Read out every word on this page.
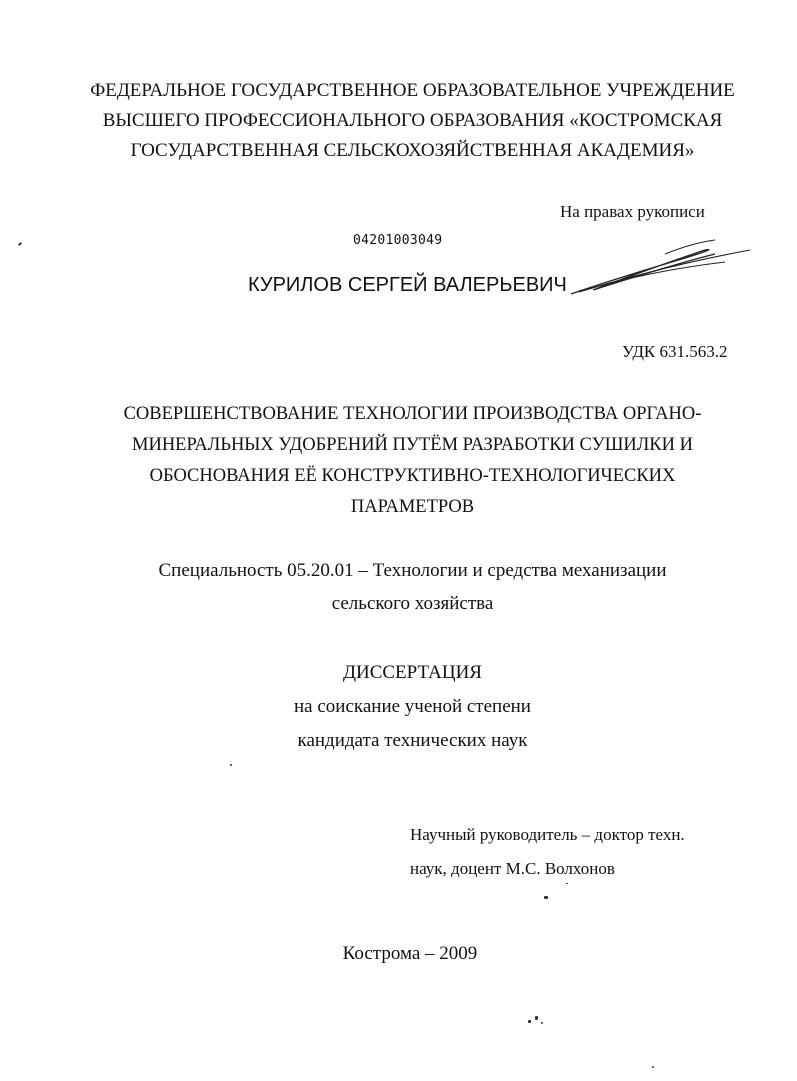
ФЕДЕРАЛЬНОЕ ГОСУДАРСТВЕННОЕ ОБРАЗОВАТЕЛЬНОЕ УЧРЕЖДЕНИЕ
ВЫСШЕГО ПРОФЕССИОНАЛЬНОГО ОБРАЗОВАНИЯ «КОСТРОМСКАЯ
ГОСУДАРСТВЕННАЯ СЕЛЬСКОХОЗЯЙСТВЕННАЯ АКАДЕМИЯ»
На правах рукописи
04201003049
КУРИЛОВ СЕРГЕЙ ВАЛЕРЬЕВИЧ
УДК 631.563.2
СОВЕРШЕНСТВОВАНИЕ ТЕХНОЛОГИИ ПРОИЗВОДСТВА ОРГАНО-
МИНЕРАЛЬНЫХ УДОБРЕНИЙ ПУТЁМ РАЗРАБОТКИ СУШИЛКИ И
ОБОСНОВАНИЯ ЕЁ КОНСТРУКТИВНО-ТЕХНОЛОГИЧЕСКИХ
ПАРАМЕТРОВ
Специальность 05.20.01 – Технологии и средства механизации
сельского хозяйства
ДИССЕРТАЦИЯ
на соискание ученой степени
кандидата технических наук
Научный руководитель – доктор техн.
наук, доцент М.С. Волхонов
Кострома – 2009
